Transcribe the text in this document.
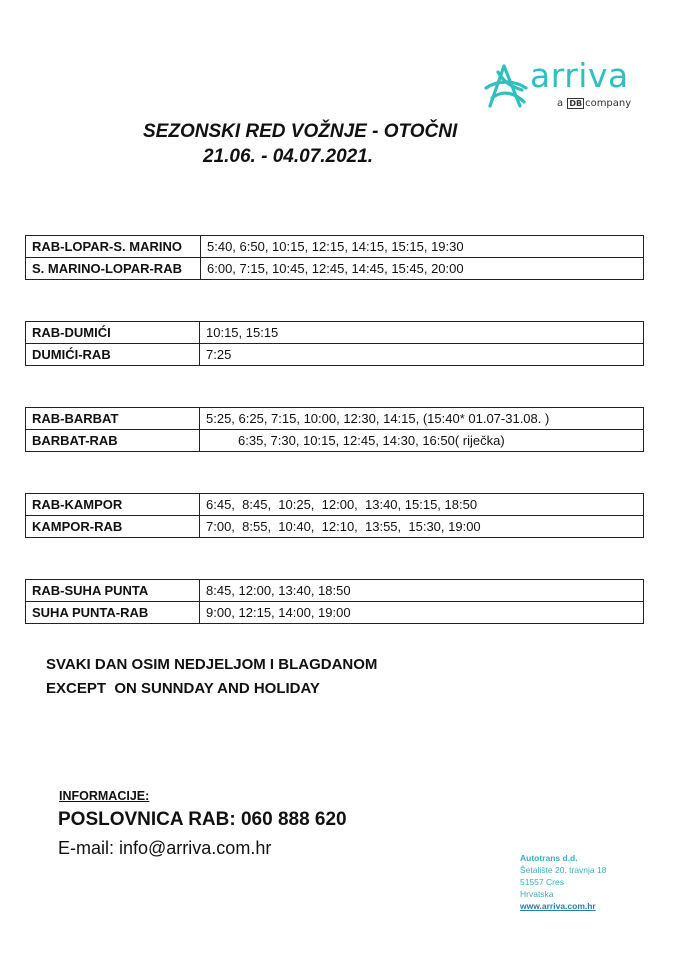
arriva
a DB company
SEZONSKI RED VOŽNJE - OTOČNI
21.06. - 04.07.2021.
RAB-LOPAR-S. MARINO	5:40, 6:50, 10:15, 12:15, 14:15, 15:15, 19:30
S. MARINO-LOPAR-RAB	6:00, 7:15, 10:45, 12:45, 14:45, 15:45, 20:00
RAB-DUMIĆI	10:15, 15:15
DUMIĆI-RAB	7:25
RAB-BARBAT	5:25, 6:25, 7:15, 10:00, 12:30, 14:15, (15:40* 01.07-31.08. )
BARBAT-RAB	6:35, 7:30, 10:15, 12:45, 14:30, 16:50( riječka)
RAB-KAMPOR	6:45,  8:45,  10:25,  12:00,  13:40, 15:15, 18:50
KAMPOR-RAB	7:00,  8:55,  10:40,  12:10,  13:55,  15:30, 19:00
RAB-SUHA PUNTA	8:45, 12:00, 13:40, 18:50
SUHA PUNTA-RAB	9:00, 12:15, 14:00, 19:00
SVAKI DAN OSIM NEDJELJOM I BLAGDANOM
EXCEPT  ON SUNNDAY AND HOLIDAY
INFORMACIJE:
POSLOVNICA RAB: 060 888 620
E-mail: info@arriva.com.hr	Autotrans d.d.
Šetalište 20. travnja 18
51557 Cres
Hrvatska
www.arriva.com.hr
